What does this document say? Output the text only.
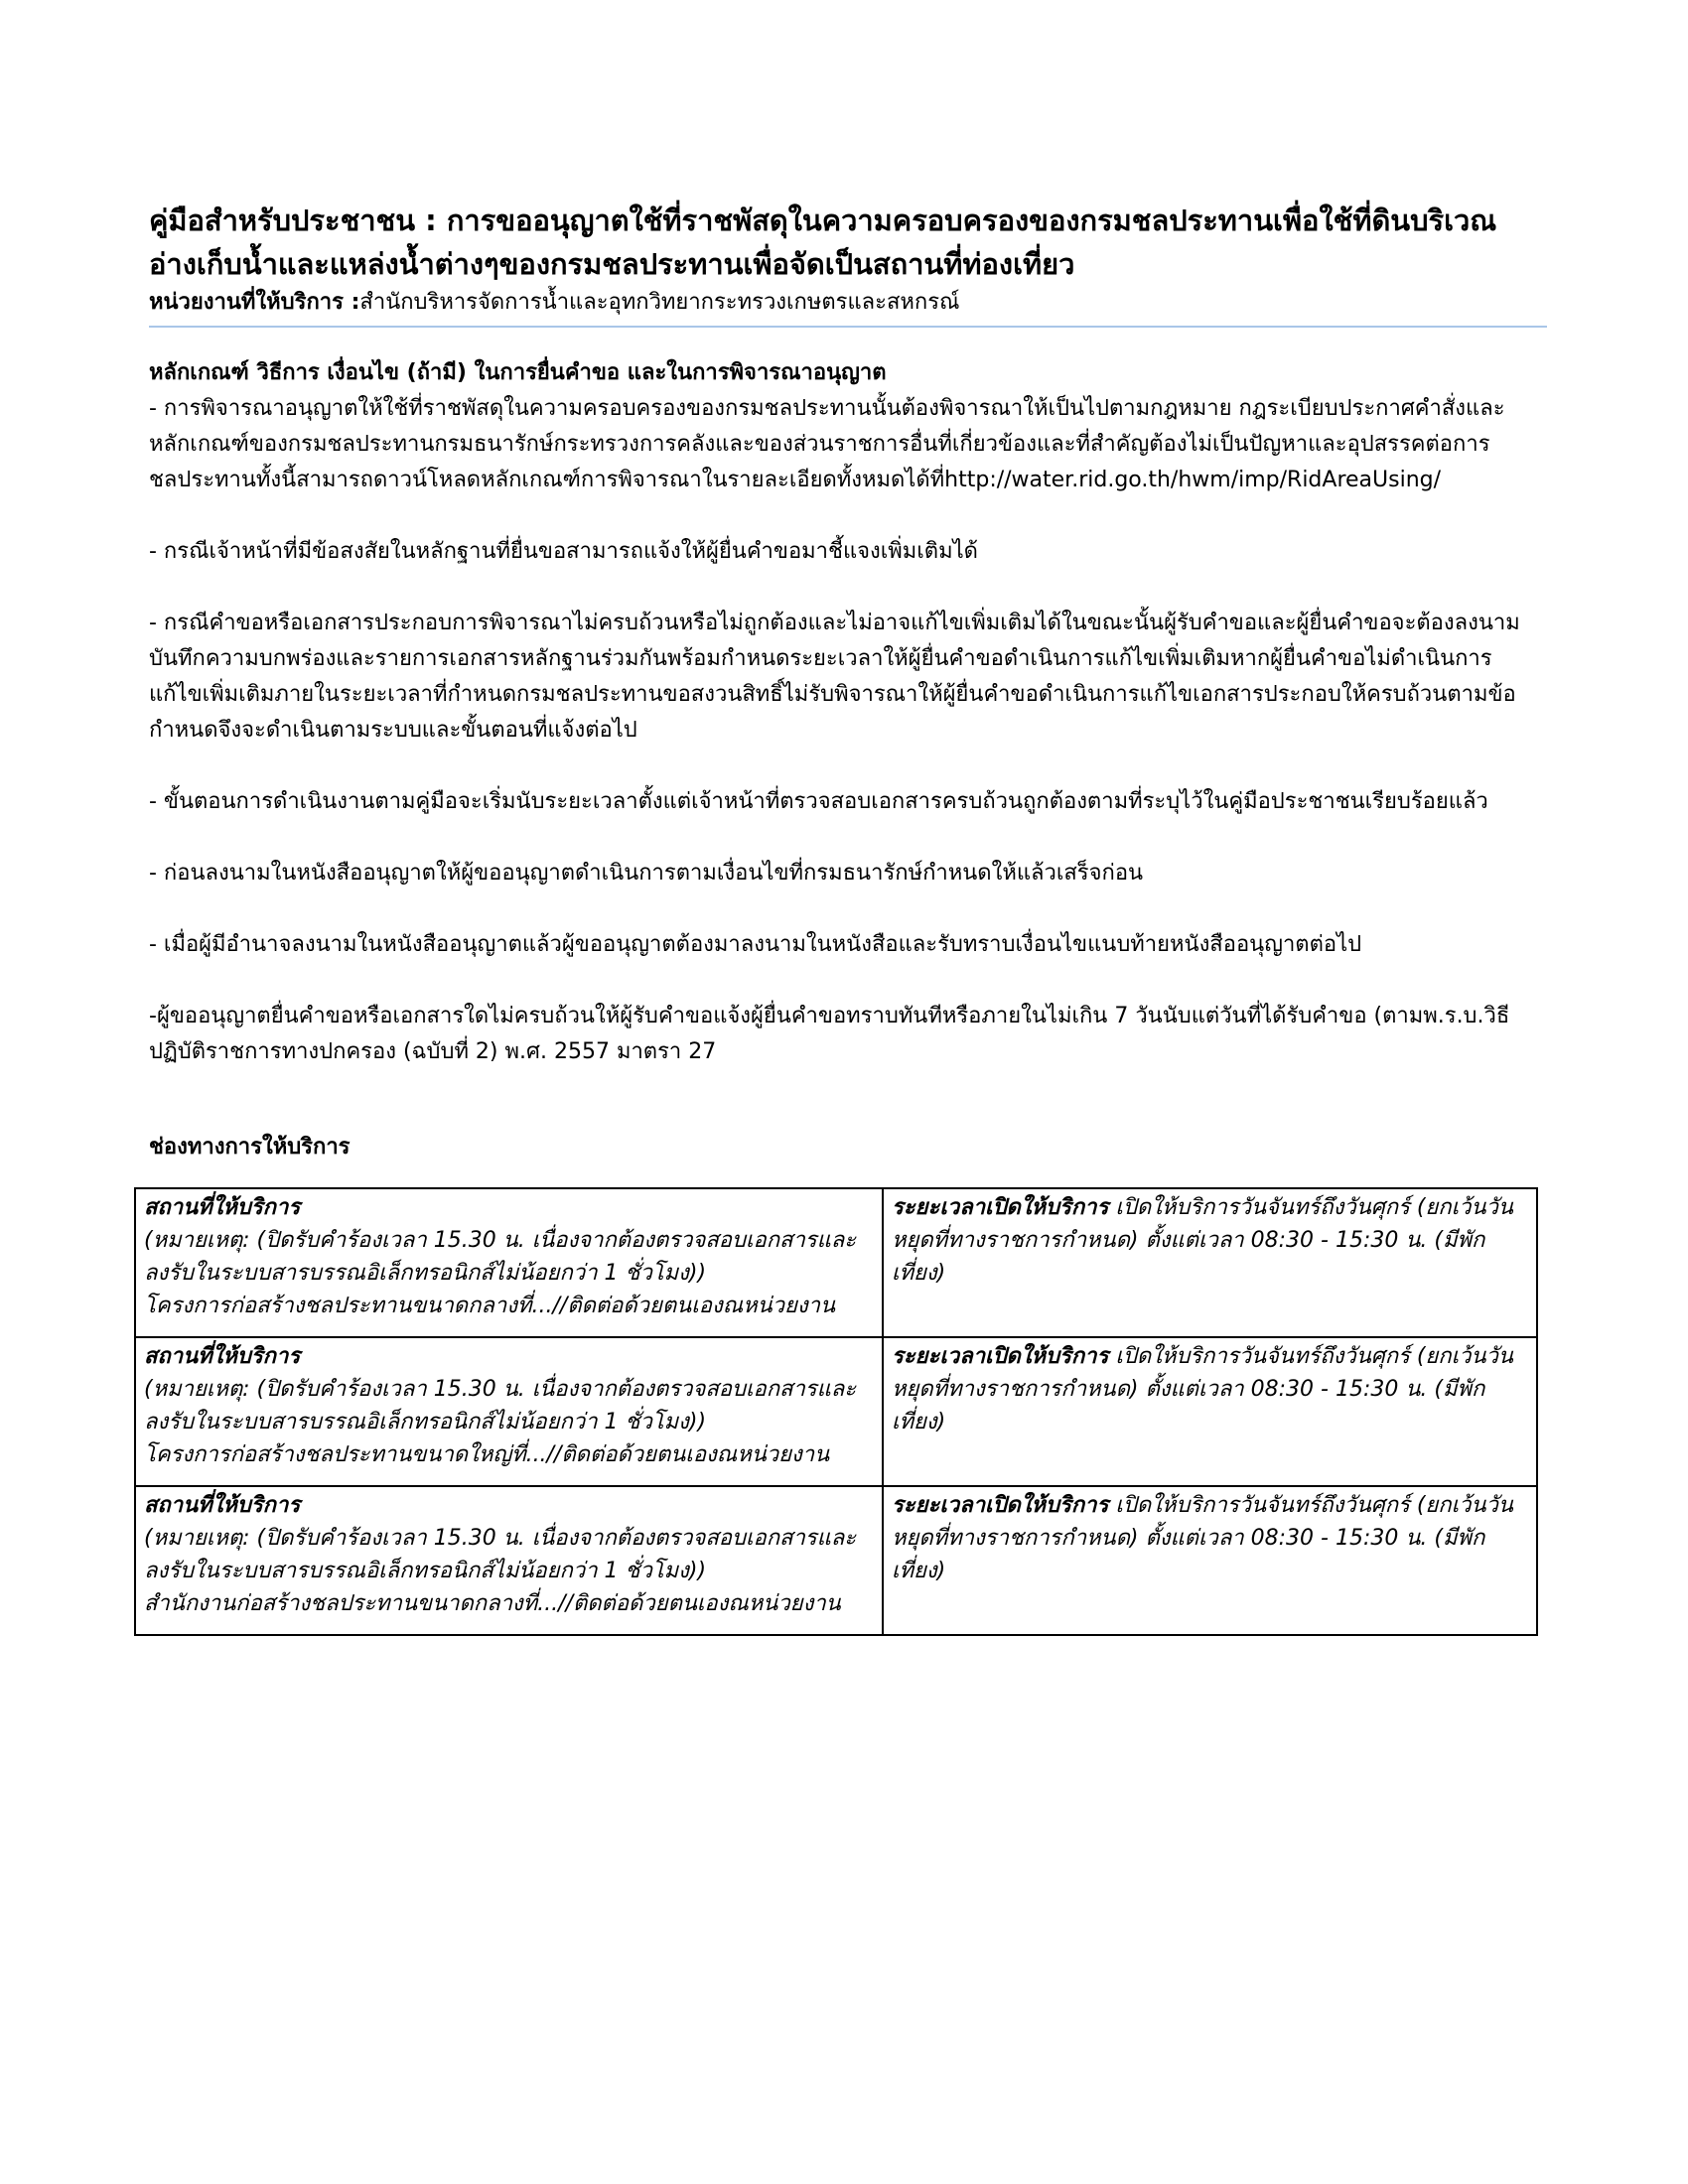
คู่มือสำหรับประชาชน : การขออนุญาตใช้ที่ราชพัสดุในความครอบครองของกรมชลประทานเพื่อใช้ที่ดินบริเวณอ่างเก็บน้ำและแหล่งน้ำต่างๆของกรมชลประทานเพื่อจัดเป็นสถานที่ท่องเที่ยว

หน่วยงานที่ให้บริการ :สำนักบริหารจัดการน้ำและอุทกวิทยากระทรวงเกษตรและสหกรณ์

หลักเกณฑ์ วิธีการ เงื่อนไข (ถ้ามี) ในการยื่นคำขอ และในการพิจารณาอนุญาต

- การพิจารณาอนุญาตให้ใช้ที่ราชพัสดุในความครอบครองของกรมชลประทานนั้นต้องพิจารณาให้เป็นไปตามกฎหมาย กฎระเบียบประกาศคำสั่งและหลักเกณฑ์ของกรมชลประทานกรมธนารักษ์กระทรวงการคลังและของส่วนราชการอื่นที่เกี่ยวข้องและที่สำคัญต้องไม่เป็นปัญหาและอุปสรรคต่อการชลประทานทั้งนี้สามารถดาวน์โหลดหลักเกณฑ์การพิจารณาในรายละเอียดทั้งหมดได้ที่http://water.rid.go.th/hwm/imp/RidAreaUsing/

- กรณีเจ้าหน้าที่มีข้อสงสัยในหลักฐานที่ยื่นขอสามารถแจ้งให้ผู้ยื่นคำขอมาชี้แจงเพิ่มเติมได้

- กรณีคำขอหรือเอกสารประกอบการพิจารณาไม่ครบถ้วนหรือไม่ถูกต้องและไม่อาจแก้ไขเพิ่มเติมได้ในขณะนั้นผู้รับคำขอและผู้ยื่นคำขอจะต้องลงนามบันทึกความบกพร่องและรายการเอกสารหลักฐานร่วมกันพร้อมกำหนดระยะเวลาให้ผู้ยื่นคำขอดำเนินการแก้ไขเพิ่มเติมหากผู้ยื่นคำขอไม่ดำเนินการแก้ไขเพิ่มเติมภายในระยะเวลาที่กำหนดกรมชลประทานขอสงวนสิทธิ์ไม่รับพิจารณาให้ผู้ยื่นคำขอดำเนินการแก้ไขเอกสารประกอบให้ครบถ้วนตามข้อกำหนดจึงจะดำเนินตามระบบและขั้นตอนที่แจ้งต่อไป

- ขั้นตอนการดำเนินงานตามคู่มือจะเริ่มนับระยะเวลาตั้งแต่เจ้าหน้าที่ตรวจสอบเอกสารครบถ้วนถูกต้องตามที่ระบุไว้ในคู่มือประชาชนเรียบร้อยแล้ว

- ก่อนลงนามในหนังสืออนุญาตให้ผู้ขออนุญาตดำเนินการตามเงื่อนไขที่กรมธนารักษ์กำหนดให้แล้วเสร็จก่อน

- เมื่อผู้มีอำนาจลงนามในหนังสืออนุญาตแล้วผู้ขออนุญาตต้องมาลงนามในหนังสือและรับทราบเงื่อนไขแนบท้ายหนังสืออนุญาตต่อไป

-ผู้ขออนุญาตยื่นคำขอหรือเอกสารใดไม่ครบถ้วนให้ผู้รับคำขอแจ้งผู้ยื่นคำขอทราบทันทีหรือภายในไม่เกิน 7 วันนับแต่วันที่ได้รับคำขอ (ตามพ.ร.บ.วิธีปฏิบัติราชการทางปกครอง (ฉบับที่ 2) พ.ศ. 2557 มาตรา 27

ช่องทางการให้บริการ

สถานที่ให้บริการ
(หมายเหตุ: (ปิดรับคำร้องเวลา 15.30 น. เนื่องจากต้องตรวจสอบเอกสารและลงรับในระบบสารบรรณอิเล็กทรอนิกส์ไม่น้อยกว่า 1 ชั่วโมง))
โครงการก่อสร้างชลประทานขนาดกลางที่...//ติดต่อด้วยตนเองณหน่วยงาน	ระยะเวลาเปิดให้บริการ เปิดให้บริการวันจันทร์ถึงวันศุกร์ (ยกเว้นวันหยุดที่ทางราชการกำหนด) ตั้งแต่เวลา 08:30 - 15:30 น. (มีพักเที่ยง)
สถานที่ให้บริการ
(หมายเหตุ: (ปิดรับคำร้องเวลา 15.30 น. เนื่องจากต้องตรวจสอบเอกสารและลงรับในระบบสารบรรณอิเล็กทรอนิกส์ไม่น้อยกว่า 1 ชั่วโมง))
โครงการก่อสร้างชลประทานขนาดใหญ่ที่...//ติดต่อด้วยตนเองณหน่วยงาน	ระยะเวลาเปิดให้บริการ เปิดให้บริการวันจันทร์ถึงวันศุกร์ (ยกเว้นวันหยุดที่ทางราชการกำหนด) ตั้งแต่เวลา 08:30 - 15:30 น. (มีพักเที่ยง)
สถานที่ให้บริการ
(หมายเหตุ: (ปิดรับคำร้องเวลา 15.30 น. เนื่องจากต้องตรวจสอบเอกสารและลงรับในระบบสารบรรณอิเล็กทรอนิกส์ไม่น้อยกว่า 1 ชั่วโมง))
สำนักงานก่อสร้างชลประทานขนาดกลางที่...//ติดต่อด้วยตนเองณหน่วยงาน	ระยะเวลาเปิดให้บริการ เปิดให้บริการวันจันทร์ถึงวันศุกร์ (ยกเว้นวันหยุดที่ทางราชการกำหนด) ตั้งแต่เวลา 08:30 - 15:30 น. (มีพักเที่ยง)
